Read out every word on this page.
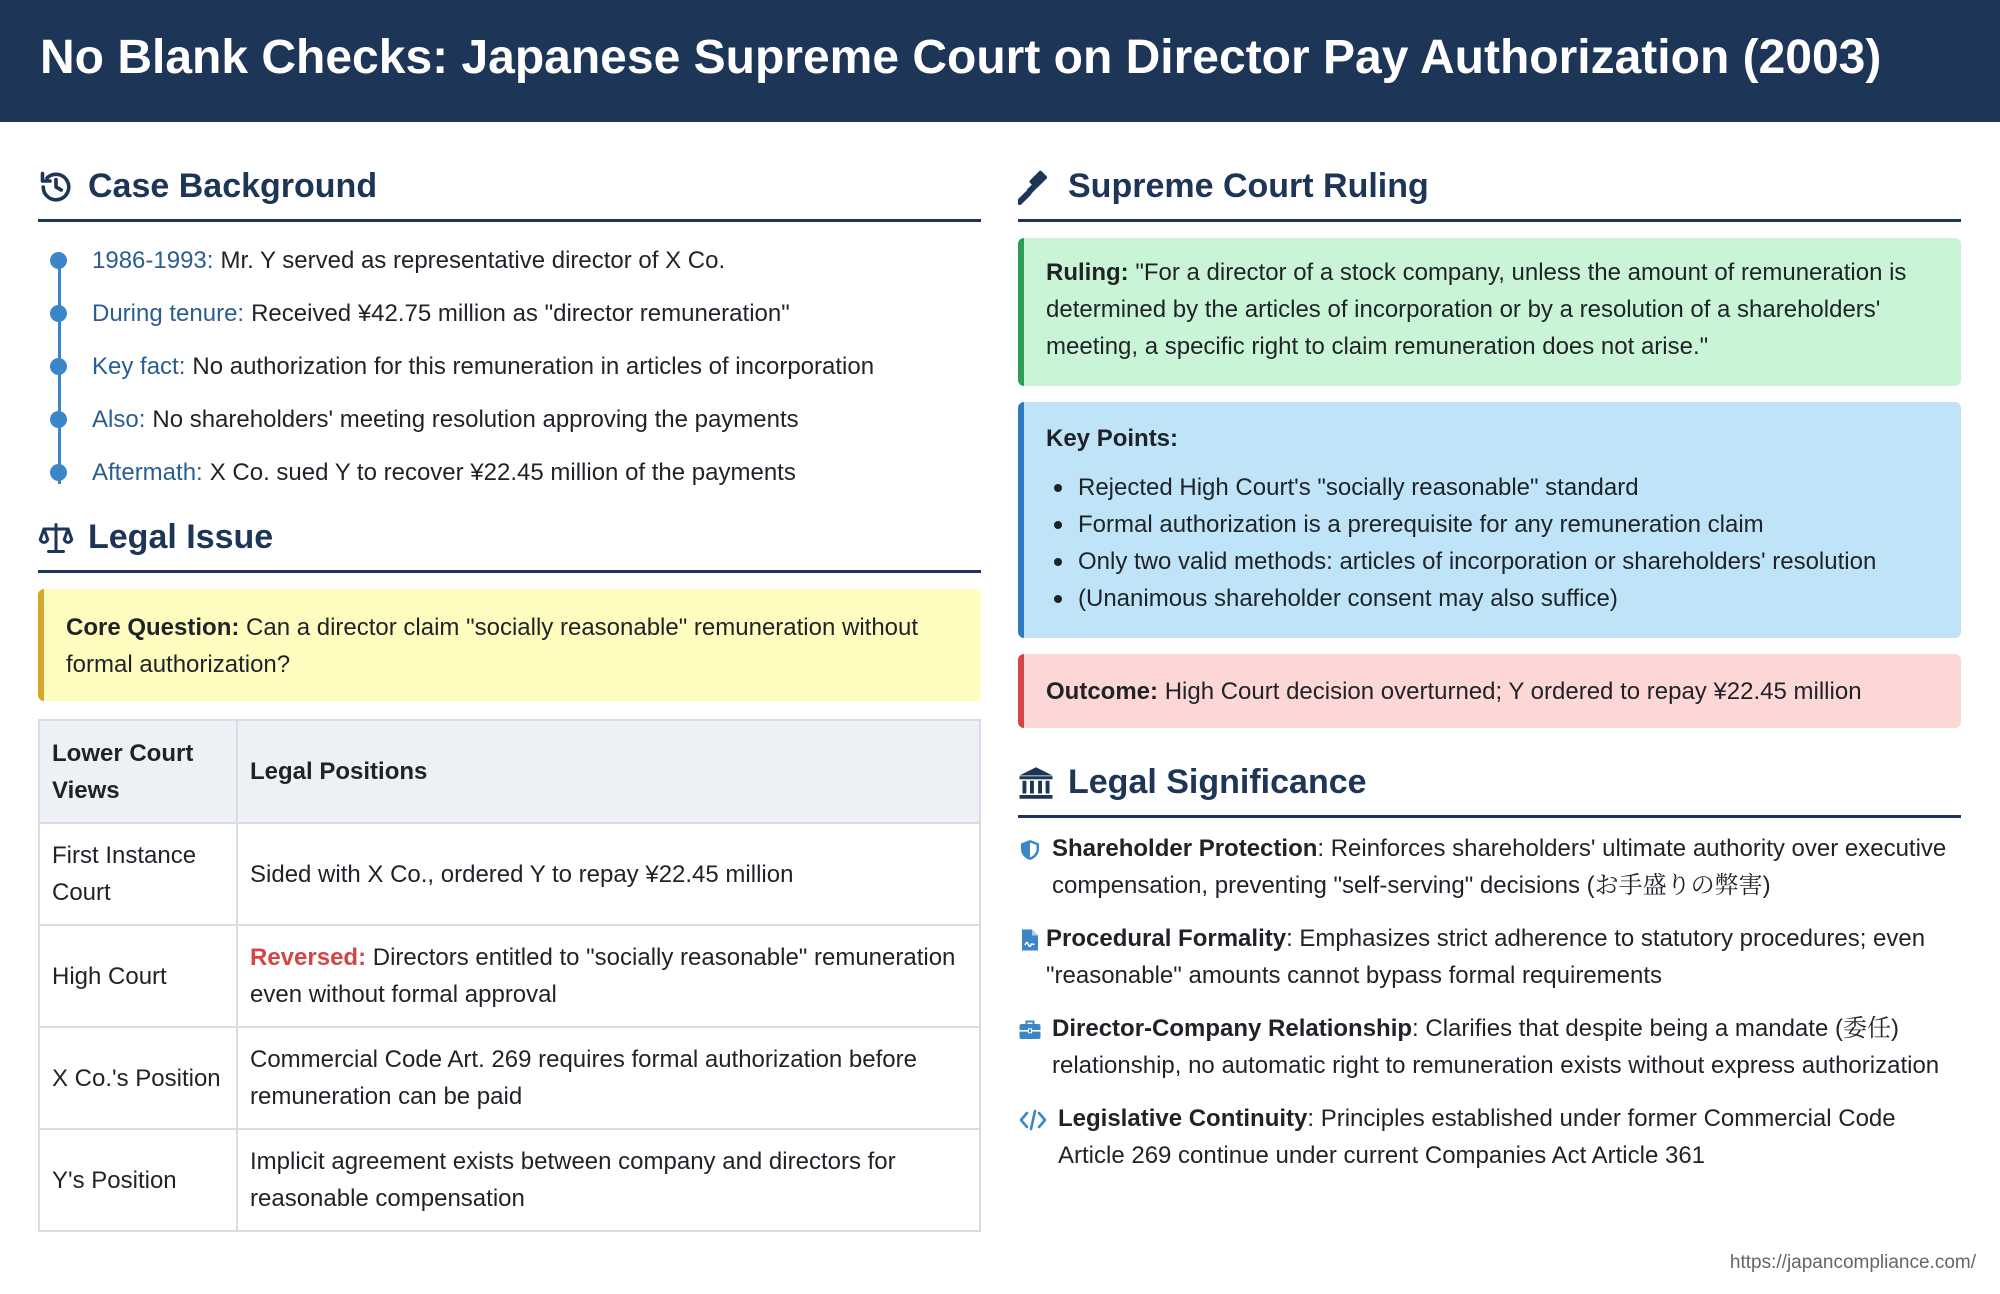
No Blank Checks: Japanese Supreme Court on Director Pay Authorization (2003)
Case Background
1986-1993: Mr. Y served as representative director of X Co.
During tenure: Received ¥42.75 million as "director remuneration"
Key fact: No authorization for this remuneration in articles of incorporation
Also: No shareholders' meeting resolution approving the payments
Aftermath: X Co. sued Y to recover ¥22.45 million of the payments
Legal Issue
Core Question: Can a director claim "socially reasonable" remuneration without formal authorization?
Lower Court Views	Legal Positions
First Instance Court	Sided with X Co., ordered Y to repay ¥22.45 million
High Court	Reversed: Directors entitled to "socially reasonable" remuneration even without formal approval
X Co.'s Position	Commercial Code Art. 269 requires formal authorization before remuneration can be paid
Y's Position	Implicit agreement exists between company and directors for reasonable compensation
Supreme Court Ruling
Ruling: "For a director of a stock company, unless the amount of remuneration is determined by the articles of incorporation or by a resolution of a shareholders' meeting, a specific right to claim remuneration does not arise."
Key Points:
Rejected High Court's "socially reasonable" standard
Formal authorization is a prerequisite for any remuneration claim
Only two valid methods: articles of incorporation or shareholders' resolution
(Unanimous shareholder consent may also suffice)
Outcome:
High Court decision overturned; Y ordered to repay ¥22.45 million
Legal Significance
Shareholder Protection: Reinforces shareholders' ultimate authority over executive compensation, preventing "self-serving" decisions (お手盛りの弊害)
Procedural Formality: Emphasizes strict adherence to statutory procedures; even "reasonable" amounts cannot bypass formal requirements
Director-Company Relationship: Clarifies that despite being a mandate (委任) relationship, no automatic right to remuneration exists without express authorization
Legislative Continuity: Principles established under former Commercial Code Article 269 continue under current Companies Act Article 361
https://japancompliance.com/
